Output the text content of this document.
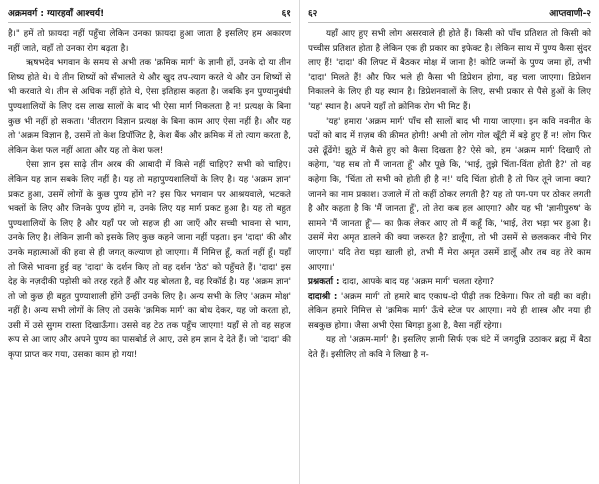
अक्रमवर्ग : ग्यारहवाँ आश्चर्य!	६१

है।" हमें तो फ़ायदा नहीं पहुँचा लेकिन उनका फ़ायदा हुआ जाता है इसलिए हम अकारण नहीं जाते, वहाँ तो उनका रोग बढ़ता है।

ऋषभदेव भगवान के समय से अभी तक 'क्रमिक मार्ग' के ज्ञानी हों, उनके दो या तीन शिष्य होते थे। ये तीन शिष्यों को सँभालते थे और खुद तप-त्याग करते थे और उन शिष्यों से भी करवाते थे। तीन से अधिक नहीं होते थे, ऐसा इतिहास कहता है। जबकि इन पुण्यानुबंधी पुण्यशालियों के लिए दस लाख सालों के बाद भी ऐसा मार्ग निकलता है न! प्रत्यक्ष के बिना कुछ भी नहीं हो सकता। 'वीतराग विज्ञान प्रत्यक्ष के बिना काम आए ऐसा नहीं है। और यह तो 'अक्रम विज्ञान है, उसमें तो केश डिपॉजिट है, केश बैंक और क्रमिक में तो त्याग करता है, लेकिन केश फल नहीं आता और यह तो केश फल!

ऐसा ज्ञान इस साढ़े तीन अरब की आबादी में किसे नहीं चाहिए? सभी को चाहिए। लेकिन यह ज्ञान सबके लिए नहीं है। यह तो महापुण्यशालियों के लिए है। यह 'अक्रम ज्ञान' प्रकट हुआ, उसमें लोगों के कुछ पुण्य होंगे न? इस फिर भगवान पर आश्रयवाले, भटकते भक्तों के लिए और जिनके पुण्य होंगे न, उनके लिए यह मार्ग प्रकट हुआ है। यह तो बहुत पुण्यशालियों के लिए है और यहाँ पर जो सहज ही आ जाएँ और सच्ची भावना से भाग, उनके लिए है। लेकिन ज्ञानी को इसके लिए कुछ कहने जाना नहीं पड़ता। इन 'दादा' की और उनके महात्माओं की हवा से ही जगत् कल्याण हो जाएगा। मैं निमित्त हूँ, कर्ता नहीं हूँ। यहाँ तो जिसे भावना हुई वह 'दादा' के दर्शन किए तो वह दर्शन 'ठेठ' को पहुँचते हैं। 'दादा' इस देह के नज़दीकी पड़ोसी को तरह रहते हैं और यह बोलता है, वह रिकॉर्ड है। यह 'अक्रम ज्ञान' तो जो कुछ ही बहुत पुण्याशाली होंगे उन्हीं उनके लिए है। अन्य सभी के लिए 'अक्रम मोक्ष' नहीं है। अन्य सभी लोगों के लिए तो उसके 'क्रमिक मार्ग' का बोध देकर, यह जो करता हो, उसी में उसे सुगम रास्ता दिखाऊँगा। उससे वह टेठ तक पहुँच जाएगा! यहाँ से तो वह सहज रूप से आ जाए और अपने पुण्य का पासबोर्ड ले आए, उसे हम ज्ञान दे देते हैं। जो 'दादा' की कृपा प्राप्त कर गया, उसका काम हो गया!

६२	आप्तवाणी-२

यहाँ आए हुए सभी लोग असरवाले ही होते हैं। किसी को पाँच प्रतिशत तो किसी को पच्चीस प्रतिशत होता है लेकिन एक ही प्रकार का इफेक्ट है। लेकिन साथ में पुण्य कैसा सुंदर लाए हैं! 'दादा' की लिफ्ट में बैठकर मोक्ष में जाना है! कोटि जन्मों के पुण्य जमा हों, तभी 'दादा' मिलते हैं! और फिर भले ही कैसा भी डिप्रेशन होगा, वह चला जाएगा। डिप्रेशन निकालने के लिए ही यह स्थान है। डिप्रेशनवालों के लिए, सभी प्रकार से पैसे हुओं के लिए 'यह' स्थान है। अपने यहाँ तो क्रोनिक रोग भी मिट हैं।

'यह' हमारा 'अक्रम मार्ग' पाँच सौ सालों बाद भी गाया जाएगा। इन कवि नवनीत के पदों को बाद में ग़ज़ब की क़ीमत होगी! अभी तो लोग गोल खूँटी में बड़े हुए हैं न! लोग फिर उसे ढूँढेंगे! झूठे में कैसे हुए को कैसा दिखता है? ऐसे को, हम 'अक्रम मार्ग' दिखाएँ तो कहेगा, 'यह सब तो मैं जानता हूँ' और पूछे कि, 'भाई, तुझे चिंता-विंता होती है?' तो वह कहेगा कि, 'चिंता तो सभी को होती ही है न!' यदि चिंता होती है तो फिर तूने जाना क्या? जानने का नाम प्रकाश। उजाले में तो कहीं ठोकर लगती है? यह तो पग-पग पर ठोकर लगती है और कहता है कि 'मैं जानता हूँ', तो तेरा कब हल आएगा? और यह भी 'ज्ञानीपुरुष' के सामने 'मैं जानता हूँ'— का फ़ैक लेकर आए तो मैं कहूँ कि, 'भाई, तेरा भड़ा भर हुआ है। उसमें मेरा अमृत डालने की क्या जरूरत है? डालूँगा, तो भी उसमें से छलककर नीचे गिर जाएगा।' यदि तेरा घड़ा खाली हो, तभी मैं मेरा अमृत उसमें डालूँ और तब वह तेरे काम आएगा।'

प्रश्नकर्ता : दादा, आपके बाद यह 'अक्रम मार्ग' चलता रहेगा?

दादाश्री : 'अक्रम मार्ग' तो हमारे बाद एकाध-दो पीढ़ी तक टिकेगा। फिर तो वही का वही। लेकिन हमारे निमित्त से 'क्रमिक मार्ग' ऊँचे स्टेज पर आएगा। नये ही शास्त्र और नया ही सबकुछ होगा। जैसा अभी ऐसा बिगड़ा हुआ है, वैसा नहीं रहेगा।

यह तो 'अक्रम-मार्ग' है। इसलिए ज्ञानी सिर्फ एक घंटे में जगदुन्नि उठाकर ब्रह्म में बैठा देते हैं। इसीलिए तो कवि ने लिखा है न-
